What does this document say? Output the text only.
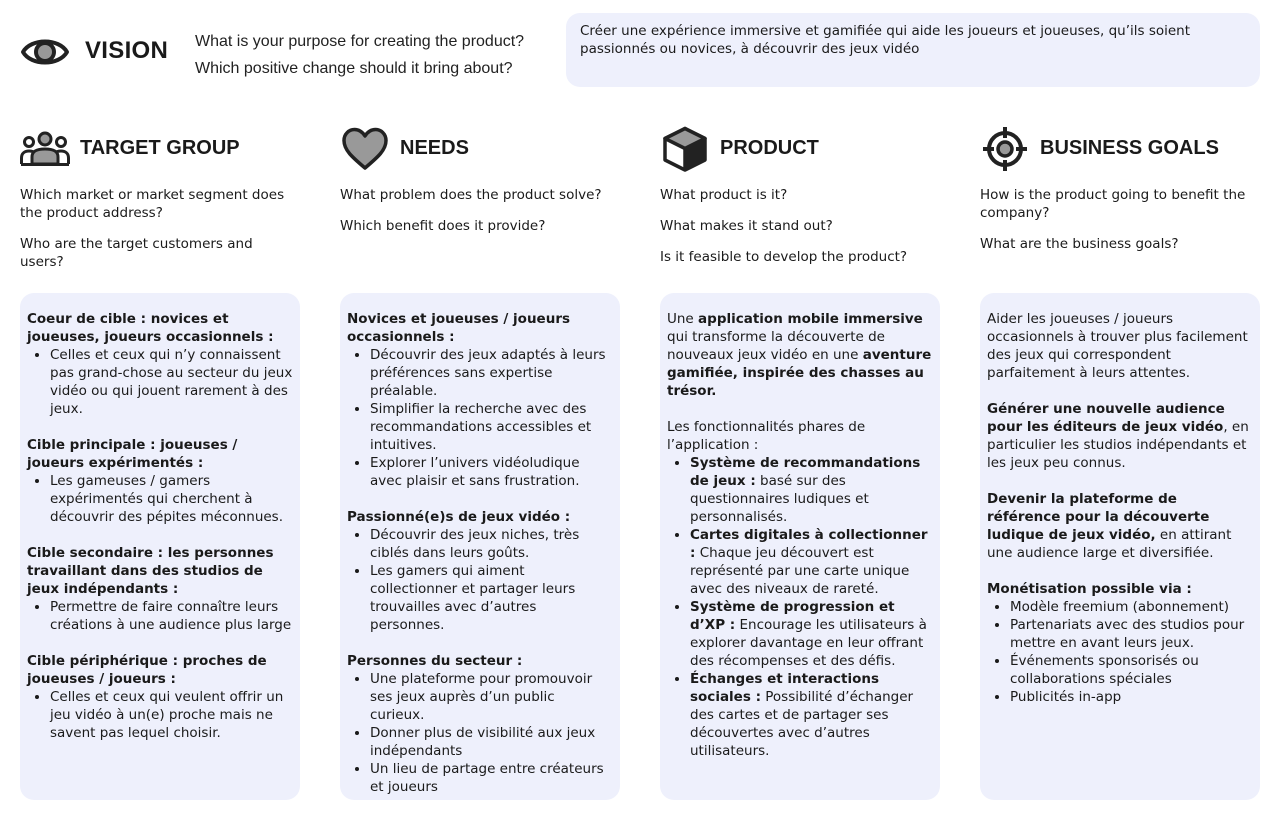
VISION What is your purpose for creating the product?
Which positive change should it bring about?
Créer une expérience immersive et gamifiée qui aide les joueurs et joueuses, qu’ils soient passionnés ou novices, à découvrir des jeux vidéo
TARGET GROUP

Which market or market segment does the product address?

Who are the target customers and users?

Coeur de cible : novices et joueuses, joueurs occasionnels :

• Celles et ceux qui n’y connaissent pas grand-chose au secteur du jeux vidéo ou qui jouent rarement à des jeux.

Cible principale : joueuses / joueurs expérimentés :

• Les gameuses / gamers expérimentés qui cherchent à découvrir des pépites méconnues.

Cible secondaire : les personnes travaillant dans des studios de jeux indépendants :

• Permettre de faire connaître leurs créations à une audience plus large

Cible périphérique : proches de joueuses / joueurs :

• Celles et ceux qui veulent offrir un jeu vidéo à un(e) proche mais ne savent pas lequel choisir.
NEEDS

What problem does the product solve?

Which benefit does it provide?

Novices et joueuses / joueurs occasionnels :

• Découvrir des jeux adaptés à leurs préférences sans expertise préalable.
• Simplifier la recherche avec des recommandations accessibles et intuitives.
• Explorer l’univers vidéoludique avec plaisir et sans frustration.

Passionné(e)s de jeux vidéo :

• Découvrir des jeux niches, très ciblés dans leurs goûts.
• Les gamers qui aiment collectionner et partager leurs trouvailles avec d’autres personnes.

Personnes du secteur :

• Une plateforme pour promouvoir ses jeux auprès d’un public curieux.
• Donner plus de visibilité aux jeux indépendants
• Un lieu de partage entre créateurs et joueurs
PRODUCT

What product is it?

What makes it stand out?

Is it feasible to develop the product?

Une application mobile immersive qui transforme la découverte de nouveaux jeux vidéo en une aventure gamifiée, inspirée des chasses au trésor.

Les fonctionnalités phares de l’application :

• Système de recommandations de jeux : basé sur des questionnaires ludiques et personnalisés.
• Cartes digitales à collectionner : Chaque jeu découvert est représenté par une carte unique avec des niveaux de rareté.
• Système de progression et d’XP : Encourage les utilisateurs à explorer davantage en leur offrant des récompenses et des défis.
• Échanges et interactions sociales : Possibilité d’échanger des cartes et de partager ses découvertes avec d’autres utilisateurs.
BUSINESS GOALS

How is the product going to benefit the company?

What are the business goals?

Aider les joueuses / joueurs occasionnels à trouver plus facilement des jeux qui correspondent parfaitement à leurs attentes.

Générer une nouvelle audience pour les éditeurs de jeux vidéo, en particulier les studios indépendants et les jeux peu connus.

Devenir la plateforme de référence pour la découverte ludique de jeux vidéo, en attirant une audience large et diversifiée.

Monétisation possible via :

• Modèle freemium (abonnement)
• Partenariats avec des studios pour mettre en avant leurs jeux.
• Événements sponsorisés ou collaborations spéciales
• Publicités in-app
